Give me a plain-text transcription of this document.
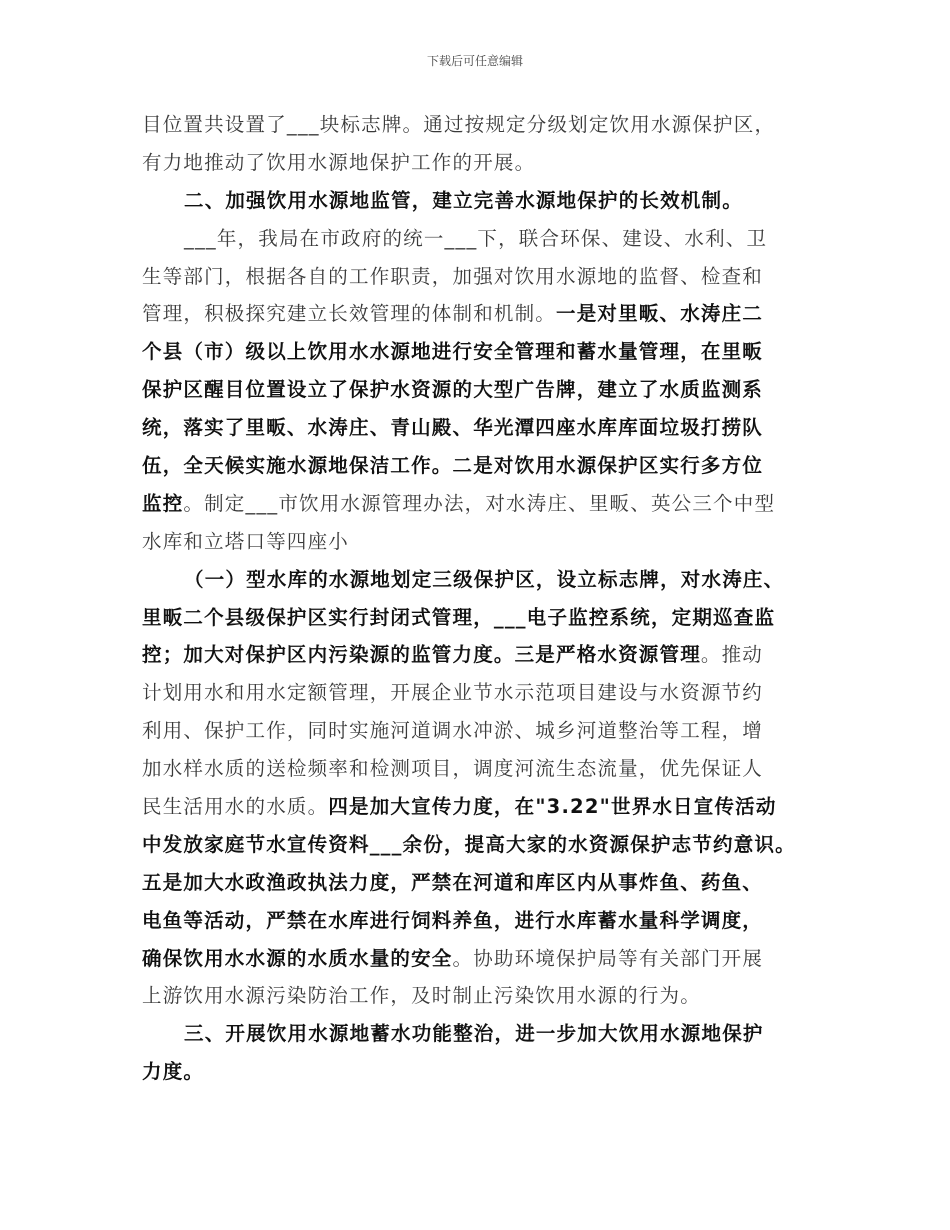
下载后可任意编辑
目位置共设置了___块标志牌。通过按规定分级划定饮用水源保护区，
有力地推动了饮用水源地保护工作的开展。
二、加强饮用水源地监管，建立完善水源地保护的长效机制。
___年，我局在市政府的统一___下，联合环保、建设、水利、卫
生等部门，根据各自的工作职责，加强对饮用水源地的监督、检查和
管理，积极探究建立长效管理的体制和机制。一是对里畈、水涛庄二
个县（市）级以上饮用水水源地进行安全管理和蓄水量管理，在里畈
保护区醒目位置设立了保护水资源的大型广告牌，建立了水质监测系
统，落实了里畈、水涛庄、青山殿、华光潭四座水库库面垃圾打捞队
伍，全天候实施水源地保洁工作。二是对饮用水源保护区实行多方位
监控。制定___市饮用水源管理办法，对水涛庄、里畈、英公三个中型
水库和立塔口等四座小
（一）型水库的水源地划定三级保护区，设立标志牌，对水涛庄、
里畈二个县级保护区实行封闭式管理，___电子监控系统，定期巡查监
控；加大对保护区内污染源的监管力度。三是严格水资源管理。推动
计划用水和用水定额管理，开展企业节水示范项目建设与水资源节约
利用、保护工作，同时实施河道调水冲淤、城乡河道整治等工程，增
加水样水质的送检频率和检测项目，调度河流生态流量，优先保证人
民生活用水的水质。四是加大宣传力度，在"3.22"世界水日宣传活动
中发放家庭节水宣传资料___余份，提高大家的水资源保护志节约意识。
五是加大水政渔政执法力度，严禁在河道和库区内从事炸鱼、药鱼、
电鱼等活动，严禁在水库进行饲料养鱼，进行水库蓄水量科学调度，
确保饮用水水源的水质水量的安全。协助环境保护局等有关部门开展
上游饮用水源污染防治工作，及时制止污染饮用水源的行为。
三、开展饮用水源地蓄水功能整治，进一步加大饮用水源地保护
力度。
